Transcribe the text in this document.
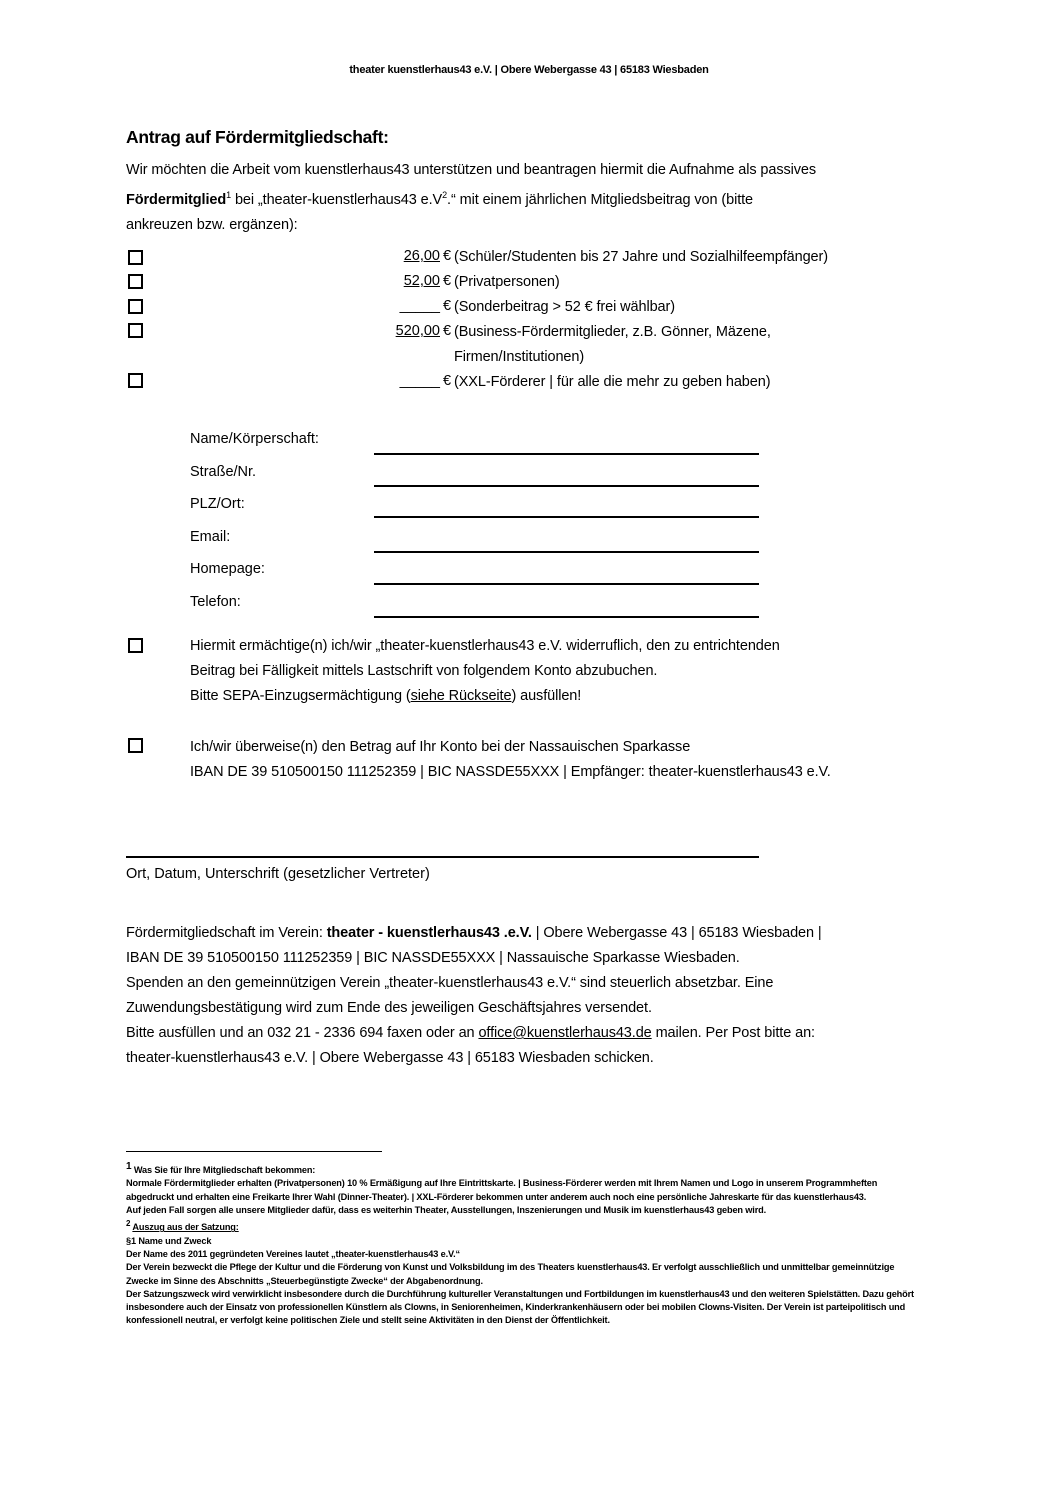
theater kuenstlerhaus43 e.V. | Obere Webergasse 43 | 65183 Wiesbaden
Antrag auf Fördermitgliedschaft:
Wir möchten die Arbeit vom kuenstlerhaus43 unterstützen und beantragen hiermit die Aufnahme als passives
Fördermitglied$^1$ bei „theater-kuenstlerhaus43 $e.V^2.“$ mit einem jährlichen Mitgliedsbeitrag von (bitte
ankreuzen bzw. ergänzen):
26,00 € (Schüler/Studenten bis 27 Jahre und Sozialhilfeempfänger)
52,00 € (Privatpersonen)
_____ € (Sonderbeitrag > 52 € frei wählbar)
520,00 € (Business-Fördermitglieder, z.B. Gönner, Mäzene,
Firmen/Institutionen)
_____ € (XXL-Förderer | für alle die mehr zu geben haben)
Name/Körperschaft:
Straße/Nr.
PLZ/Ort:
Email:
Homepage:
Telefon:
Hiermit ermächtige(n) ich/wir „theater-kuenstlerhaus43 e.V. widerruflich, den zu entrichtenden
Beitrag bei Fälligkeit mittels Lastschrift von folgendem Konto abzubuchen.
Bitte SEPA-Einzugsermächtigung (siehe Rückseite) ausfüllen!
Ich/wir überweise(n) den Betrag auf Ihr Konto bei der Nassauischen Sparkasse
IBAN DE 39 510500150 111252359 | BIC NASSDE55XXX | Empfänger: theater-kuenstlerhaus43 e.V.
Ort, Datum, Unterschrift (gesetzlicher Vertreter)
Fördermitgliedschaft im Verein: theater - kuenstlerhaus43 .e.V. | Obere Webergasse 43 | 65183 Wiesbaden |
IBAN DE 39 510500150 111252359 | BIC NASSDE55XXX | Nassauische Sparkasse Wiesbaden.
Spenden an den gemeinnützigen Verein „theater-kuenstlerhaus43 e.V.“ sind steuerlich absetzbar. Eine
Zuwendungsbestätigung wird zum Ende des jeweiligen Geschäftsjahres versendet.
Bitte ausfüllen und an 032 21 - 2336 694 faxen oder an office@kuenstlerhaus43.de mailen. Per Post bitte an:
theater-kuenstlerhaus43 e.V. | Obere Webergasse 43 | 65183 Wiesbaden schicken.
$^1$ Was Sie für Ihre Mitgliedschaft bekommen:
Normale Fördermitglieder erhalten (Privatpersonen) 10 % Ermäßigung auf Ihre Eintrittskarte. | Business-Förderer werden mit Ihrem Namen und Logo in unserem Programmheften abgedruckt und erhalten eine Freikarte Ihrer Wahl (Dinner-Theater). | XXL-Förderer bekommen unter anderem auch noch eine persönliche Jahreskarte für das kuenstlerhaus43.
Auf jeden Fall sorgen alle unsere Mitglieder dafür, dass es weiterhin Theater, Ausstellungen, Inszenierungen und Musik im kuenstlerhaus43 geben wird.
$^2$ Auszug aus der Satzung:
§1 Name und Zweck
Der Name des 2011 gegründeten Vereines lautet „theater-kuenstlerhaus43 e.V.“
Der Verein bezweckt die Pflege der Kultur und die Förderung von Kunst und Volksbildung im des Theaters kuenstlerhaus43. Er verfolgt ausschließlich und unmittelbar gemeinnützige Zwecke im Sinne des Abschnitts „Steuerbegünstigte Zwecke“ der Abgabenordnung.
Der Satzungszweck wird verwirklicht insbesondere durch die Durchführung kultureller Veranstaltungen und Fortbildungen im kuenstlerhaus43 und den weiteren Spielstätten. Dazu gehört insbesondere auch der Einsatz von professionellen Künstlern als Clowns, in Seniorenheimen, Kinderkrankenhäusern oder bei mobilen Clowns-Visiten. Der Verein ist parteipolitisch und konfessionell neutral, er verfolgt keine politischen Ziele und stellt seine Aktivitäten in den Dienst der Öffentlichkeit.
